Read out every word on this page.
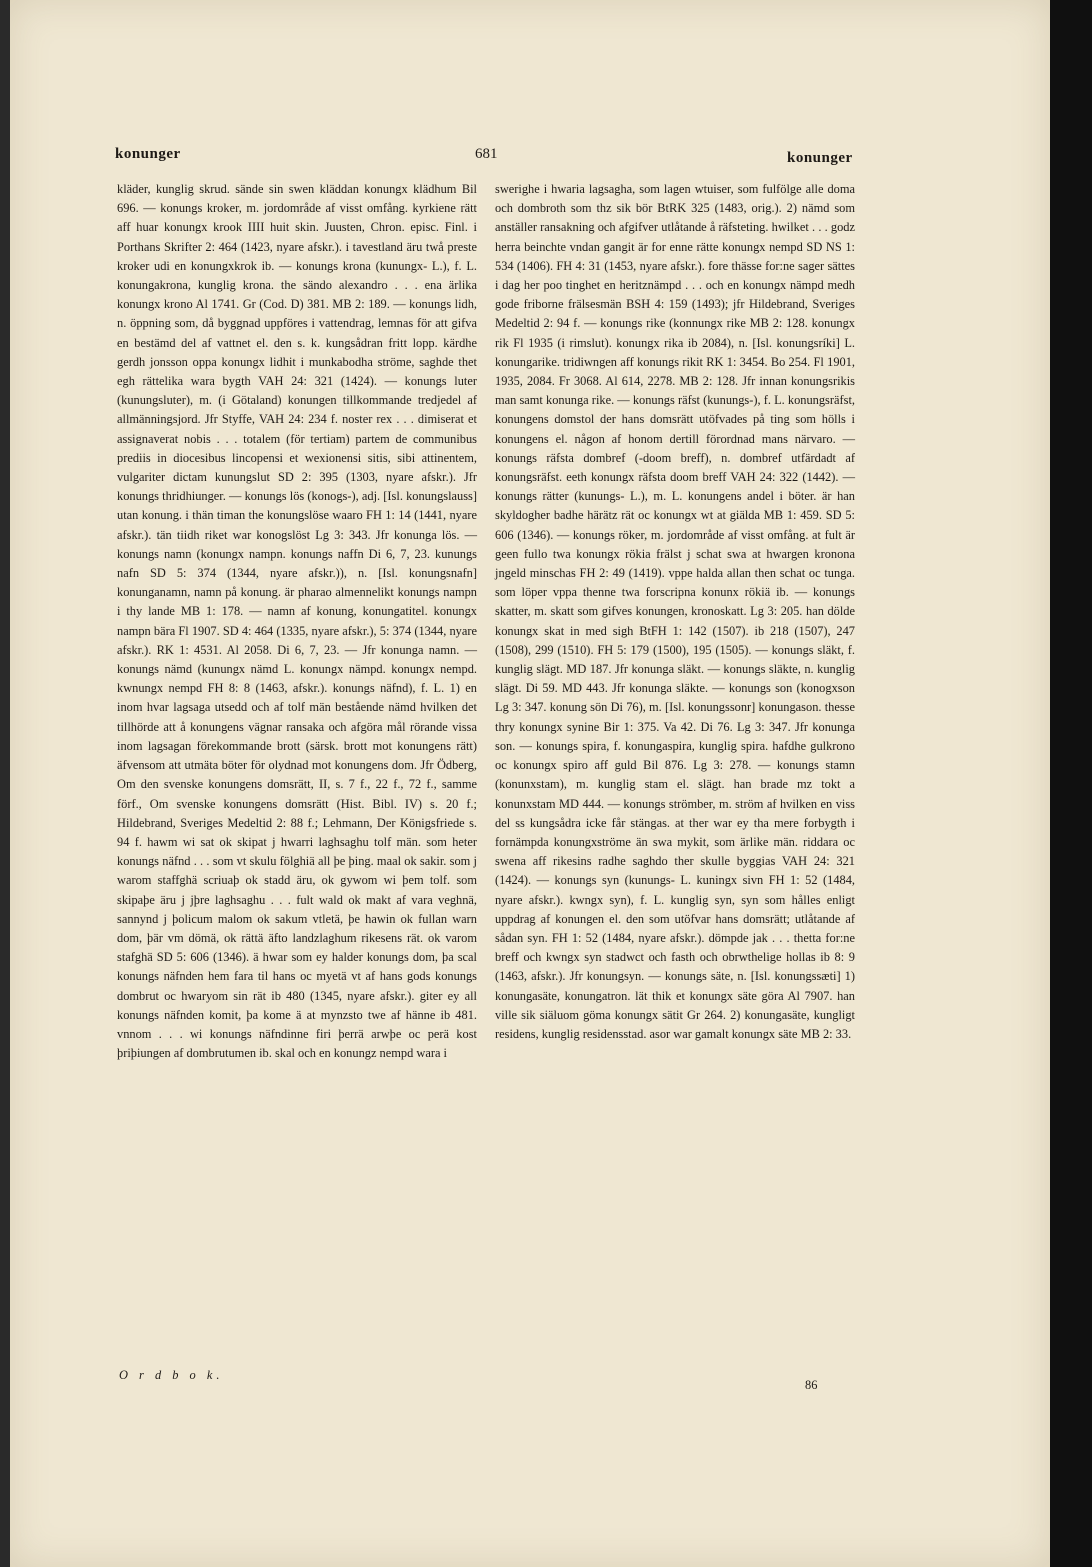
konunger	681	konunger

kläder, kunglig skrud. sände sin swen kläddan konungx klädhum Bil 696. — konungs kroker, m. jordområde af visst omfång. kyrkiene rätt aff huar konungx krook IIII huit skin. Juusten, Chron. episc. Finl. i Porthans Skrifter 2: 464 (1423, nyare afskr.). i tavestland äru twå preste kroker udi en konungxkrok ib. — konungs krona (kunungx- L.), f. L. konungakrona, kunglig krona. the sändo alexandro . . . ena ärlika konungx krono Al 1741. Gr (Cod. D) 381. MB 2: 189. — konungs lidh, n. öppning som, då byggnad uppföres i vattendrag, lemnas för att gifva en bestämd del af vattnet el. den s. k. kungsådran fritt lopp. kärdhe gerdh jonsson oppa konungx lidhit i munkabodha ströme, saghde thet egh rättelika wara bygth VAH 24: 321 (1424). — konungs luter (kunungsluter), m. (i Götaland) konungen tillkommande tredjedel af allmänningsjord. Jfr Styffe, VAH 24: 234 f. noster rex . . . dimiserat et assignaverat nobis . . . totalem (för tertiam) partem de communibus prediis in diocesibus lincopensi et wexionensi sitis, sibi attinentem, vulgariter dictam kunungslut SD 2: 395 (1303, nyare afskr.). Jfr konungs thridhiunger. — konungs lös (konogs-), adj. [Isl. konungslauss] utan konung. i thän timan the konungslöse waaro FH 1: 14 (1441, nyare afskr.). tän tiidh riket war konogslöst Lg 3: 343. Jfr konunga lös. — konungs namn (konungx nampn. konungs naffn Di 6, 7, 23. kunungs nafn SD 5: 374 (1344, nyare afskr.)), n. [Isl. konungsnafn] konunganamn, namn på konung. är pharao almennelikt konungs nampn i thy lande MB 1: 178. — namn af konung, konungatitel. konungx nampn bära Fl 1907. SD 4: 464 (1335, nyare afskr.), 5: 374 (1344, nyare afskr.). RK 1: 4531. Al 2058. Di 6, 7, 23. — Jfr konunga namn. — konungs nämd (kunungx nämd L. konungx nämpd. konungx nempd. kwnungx nempd FH 8: 8 (1463, afskr.). konungs näfnd), f. L. 1) en inom hvar lagsaga utsedd och af tolf män bestående nämd hvilken det tillhörde att å konungens vägnar ransaka och afgöra mål rörande vissa inom lagsagan förekommande brott (särsk. brott mot konungens rätt) äfvensom att utmäta böter för olydnad mot konungens dom. Jfr Ödberg, Om den svenske konungens domsrätt, II, s. 7 f., 22 f., 72 f., samme förf., Om svenske konungens domsrätt (Hist. Bibl. IV) s. 20 f.; Hildebrand, Sveriges Medeltid 2: 88 f.; Lehmann, Der Königsfriede s. 94 f. hawm wi sat ok skipat j hwarri laghsaghu tolf män. som heter konungs näfnd . . . som vt skulu fölghiä all þe þing. maal ok sakir. som j warom staffghä scriuaþ ok stadd äru, ok gywom wi þem tolf. som skipaþe äru j jþre laghsaghu . . . fult wald ok makt af vara veghnä, sannynd j þolicum malom ok sakum vtletä, þe hawin ok fullan warn dom, þär vm dömä, ok rättä äfto landzlaghum rikesens rät. ok varom stafghä SD 5: 606 (1346). ä hwar som ey halder konungs dom, þa scal konungs näfnden hem fara til hans oc myetä vt af hans gods konungs dombrut oc hwaryom sin rät ib 480 (1345, nyare afskr.). giter ey all konungs näfnden komit, þa kome ä at mynzsto twe af hänne ib 481. vnnom . . . wi konungs näfndinne firi þerrä arwþe oc perä kost þriþiungen af dombrutumen ib. skal och en konungz nempd wara i

swerighe i hwaria lagsagha, som lagen wtuiser, som fulfölge alle doma och dombroth som thz sik bör BtRK 325 (1483, orig.). 2) nämd som anställer ransakning och afgifver utlåtande å räfsteting. hwilket . . . godz herra beinchte vndan gangit är for enne rätte konungx nempd SD NS 1: 534 (1406). FH 4: 31 (1453, nyare afskr.). fore thässe for:ne sager sättes i dag her poo tinghet en heritznämpd . . . och en konungx nämpd medh gode friborne frälsesmän BSH 4: 159 (1493); jfr Hildebrand, Sveriges Medeltid 2: 94 f. — konungs rike (konnungx rike MB 2: 128. konungx rik Fl 1935 (i rimslut). konungx rika ib 2084), n. [Isl. konungsríki] L. konungarike. tridiwngen aff konungs rikit RK 1: 3454. Bo 254. Fl 1901, 1935, 2084. Fr 3068. Al 614, 2278. MB 2: 128. Jfr innan konungsrikis man samt konunga rike. — konungs räfst (kunungs-), f. L. konungsräfst, konungens domstol der hans domsrätt utöfvades på ting som hölls i konungens el. någon af honom dertill förordnad mans närvaro. — konungs räfsta dombref (-doom breff), n. dombref utfärdadt af konungsräfst. eeth konungx räfsta doom breff VAH 24: 322 (1442). — konungs rätter (kunungs- L.), m. L. konungens andel i böter. är han skyldogher badhe härätz rät oc konungx wt at giälda MB 1: 459. SD 5: 606 (1346). — konungs röker, m. jordområde af visst omfång. at fult är geen fullo twa konungx rökia frälst j schat swa at hwargen kronona jngeld minschas FH 2: 49 (1419). vppe halda allan then schat oc tunga. som löper vppa thenne twa forscripna konunx rökiä ib. — konungs skatter, m. skatt som gifves konungen, kronoskatt. Lg 3: 205. han dölde konungx skat in med sigh BtFH 1: 142 (1507). ib 218 (1507), 247 (1508), 299 (1510). FH 5: 179 (1500), 195 (1505). — konungs släkt, f. kunglig slägt. MD 187. Jfr konunga släkt. — konungs släkte, n. kunglig slägt. Di 59. MD 443. Jfr konunga släkte. — konungs son (konogxson Lg 3: 347. konung sön Di 76), m. [Isl. konungssonr] konungason. thesse thry konungx synine Bir 1: 375. Va 42. Di 76. Lg 3: 347. Jfr konunga son. — konungs spira, f. konungaspira, kunglig spira. hafdhe gulkrono oc konungx spiro aff guld Bil 876. Lg 3: 278. — konungs stamn (konunxstam), m. kunglig stam el. slägt. han brade mz tokt a konunxstam MD 444. — konungs strömber, m. ström af hvilken en viss del ss kungsådra icke får stängas. at ther war ey tha mere forbygth i fornämpda konungxströme än swa mykit, som ärlike män. riddara oc swena aff rikesins radhe saghdo ther skulle byggias VAH 24: 321 (1424). — konungs syn (kunungs- L. kuningx sivn FH 1: 52 (1484, nyare afskr.). kwngx syn), f. L. kunglig syn, syn som hålles enligt uppdrag af konungen el. den som utöfvar hans domsrätt; utlåtande af sådan syn. FH 1: 52 (1484, nyare afskr.). dömpde jak . . . thetta for:ne breff och kwngx syn stadwct och fasth och obrwthelige hollas ib 8: 9 (1463, afskr.). Jfr konungsyn. — konungs säte, n. [Isl. konungssæti] 1) konungasäte, konungatron. lät thik et konungx säte göra Al 7907. han ville sik siäluom göma konungx sätit Gr 264. 2) konungasäte, kungligt residens, kunglig residensstad. asor war gamalt konungx säte MB 2: 33.

O r d b o k.
86
